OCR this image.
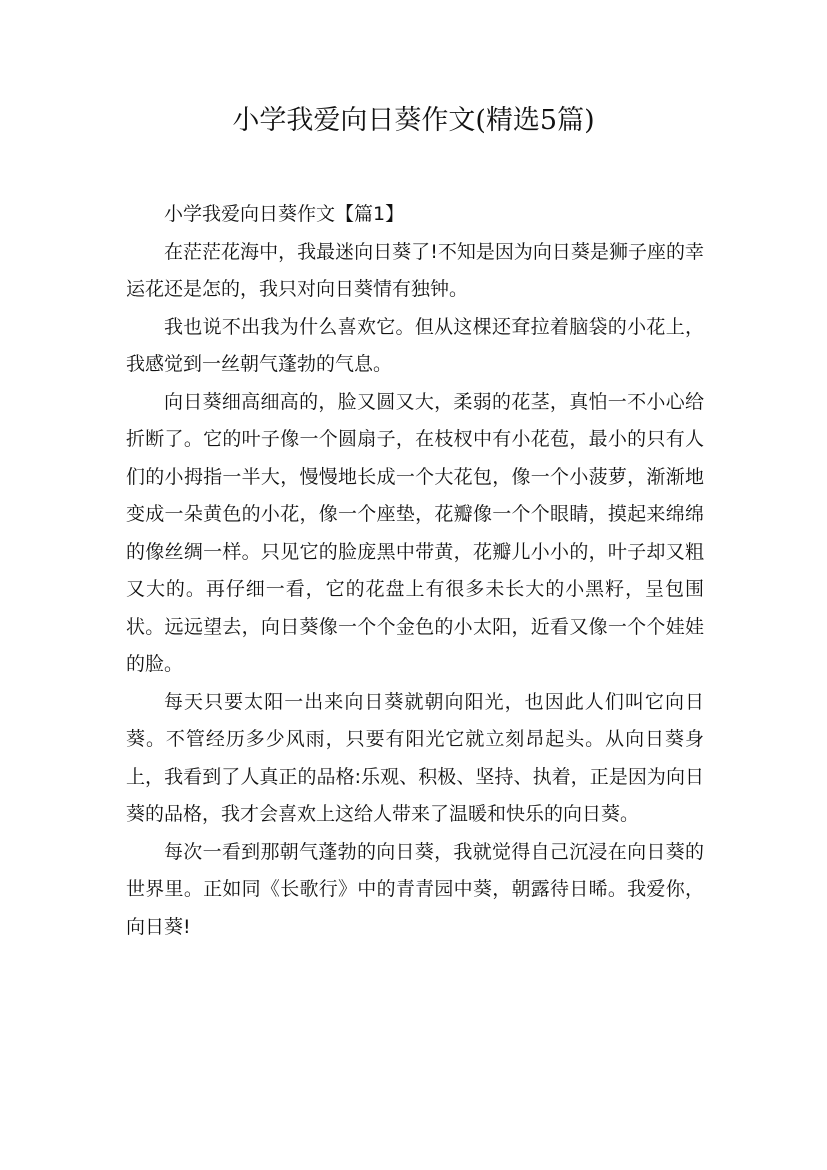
小学我爱向日葵作文(精选5篇)

小学我爱向日葵作文【篇1】

在茫茫花海中，我最迷向日葵了!不知是因为向日葵是狮子座的幸运花还是怎的，我只对向日葵情有独钟。

我也说不出我为什么喜欢它。但从这棵还耷拉着脑袋的小花上，我感觉到一丝朝气蓬勃的气息。

向日葵细高细高的，脸又圆又大，柔弱的花茎，真怕一不小心给折断了。它的叶子像一个圆扇子，在枝杈中有小花苞，最小的只有人们的小拇指一半大，慢慢地长成一个大花包，像一个小菠萝，渐渐地变成一朵黄色的小花，像一个座垫，花瓣像一个个眼睛，摸起来绵绵的像丝绸一样。只见它的脸庞黑中带黄，花瓣儿小小的，叶子却又粗又大的。再仔细一看，它的花盘上有很多未长大的小黑籽，呈包围状。远远望去，向日葵像一个个金色的小太阳，近看又像一个个娃娃的脸。

每天只要太阳一出来向日葵就朝向阳光，也因此人们叫它向日葵。不管经历多少风雨，只要有阳光它就立刻昂起头。从向日葵身上，我看到了人真正的品格:乐观、积极、坚持、执着，正是因为向日葵的品格，我才会喜欢上这给人带来了温暖和快乐的向日葵。

每次一看到那朝气蓬勃的向日葵，我就觉得自己沉浸在向日葵的世界里。正如同《长歌行》中的青青园中葵，朝露待日晞。我爱你，向日葵!
